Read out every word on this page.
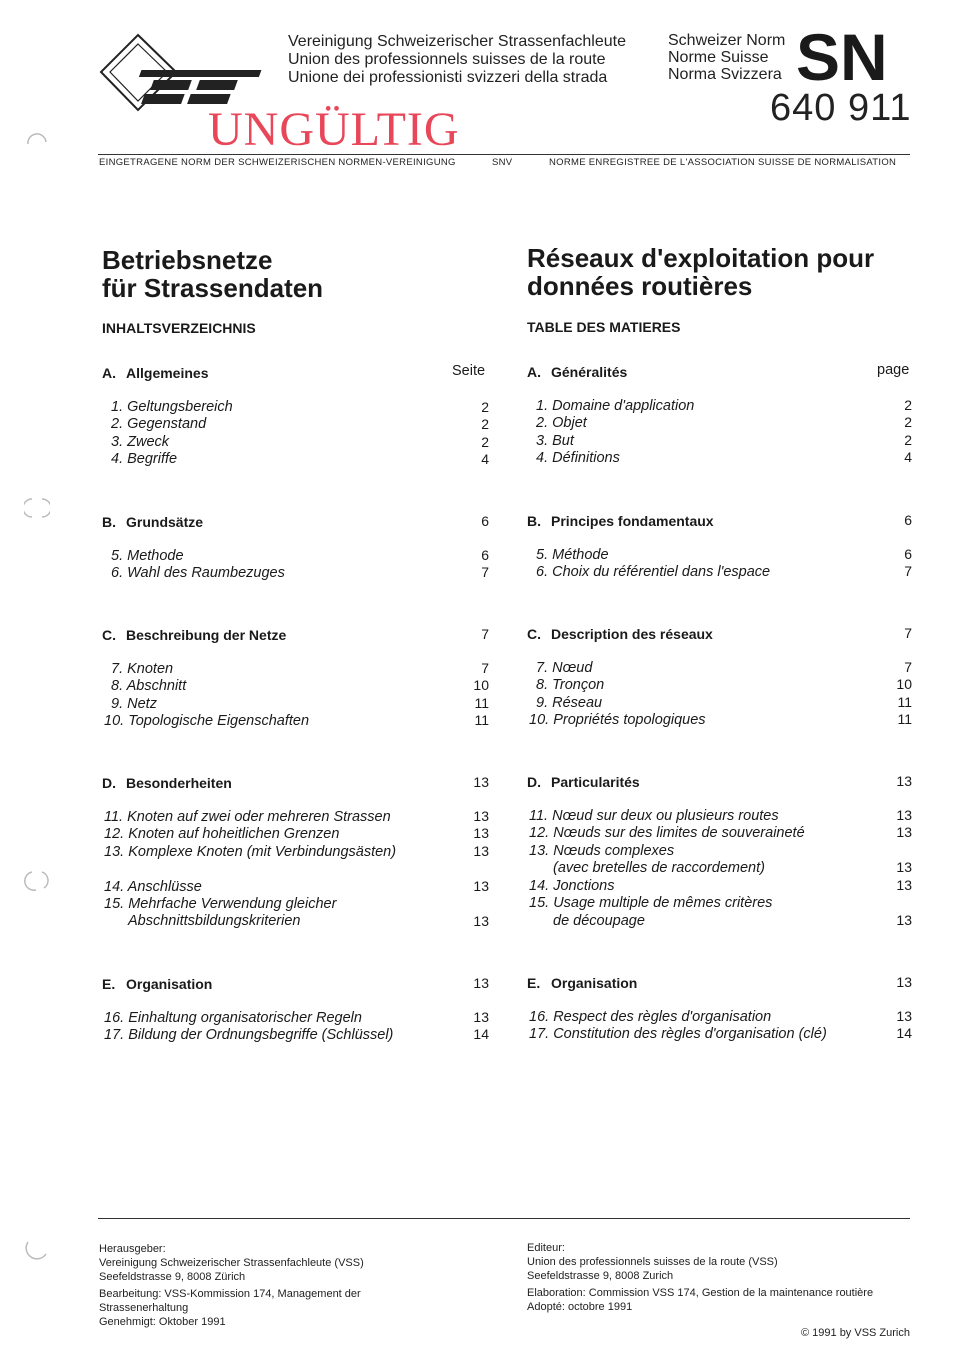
Vereinigung Schweizerischer Strassenfachleute
Union des professionnels suisses de la route
Unione dei professionisti svizzeri della strada
Schweizer Norm
Norme Suisse
Norma Svizzera SN
640 911
UNGÜLTIG
EINGETRAGENE NORM DER SCHWEIZERISCHEN NORMEN-VEREINIGUNG	SNV	NORME ENREGISTREE DE L'ASSOCIATION SUISSE DE NORMALISATION
Betriebsnetze
für Strassendaten
INHALTSVERZEICHNIS
Seite
A. Allgemeines
1. Geltungsbereich	2
2. Gegenstand	2
3. Zweck	2
4. Begriffe	4
B. Grundsätze	6
5. Methode	6
6. Wahl des Raumbezuges	7
C. Beschreibung der Netze	7
7. Knoten	7
8. Abschnitt	10
9. Netz	11
10. Topologische Eigenschaften	11
D. Besonderheiten	13
11. Knoten auf zwei oder mehreren Strassen	13
12. Knoten auf hoheitlichen Grenzen	13
13. Komplexe Knoten (mit Verbindungsästen)	13
14. Anschlüsse	13
15. Mehrfache Verwendung gleicher
Abschnittsbildungskriterien	13
E. Organisation	13
16. Einhaltung organisatorischer Regeln	13
17. Bildung der Ordnungsbegriffe (Schlüssel)	14
Réseaux d'exploitation pour
données routières
TABLE DES MATIERES
page
A. Généralités
1. Domaine d'application	2
2. Objet	2
3. But	2
4. Définitions	4
B. Principes fondamentaux	6
5. Méthode	6
6. Choix du référentiel dans l'espace	7
C. Description des réseaux	7
7. Nœud	7
8. Tronçon	10
9. Réseau	11
10. Propriétés topologiques	11
D. Particularités	13
11. Nœud sur deux ou plusieurs routes	13
12. Nœuds sur des limites de souveraineté	13
13. Nœuds complexes
(avec bretelles de raccordement)	13
14. Jonctions	13
15. Usage multiple de mêmes critères
de découpage	13
E. Organisation	13
16. Respect des règles d'organisation	13
17. Constitution des règles d'organisation (clé)	14
Herausgeber:
Vereinigung Schweizerischer Strassenfachleute (VSS)
Seefeldstrasse 9, 8008 Zürich
Bearbeitung: VSS-Kommission 174, Management der
Strassenerhaltung
Genehmigt: Oktober 1991
Editeur:
Union des professionnels suisses de la route (VSS)
Seefeldstrasse 9, 8008 Zurich
Elaboration: Commission VSS 174, Gestion de la maintenance routière
Adopté: octobre 1991
© 1991 by VSS Zurich
